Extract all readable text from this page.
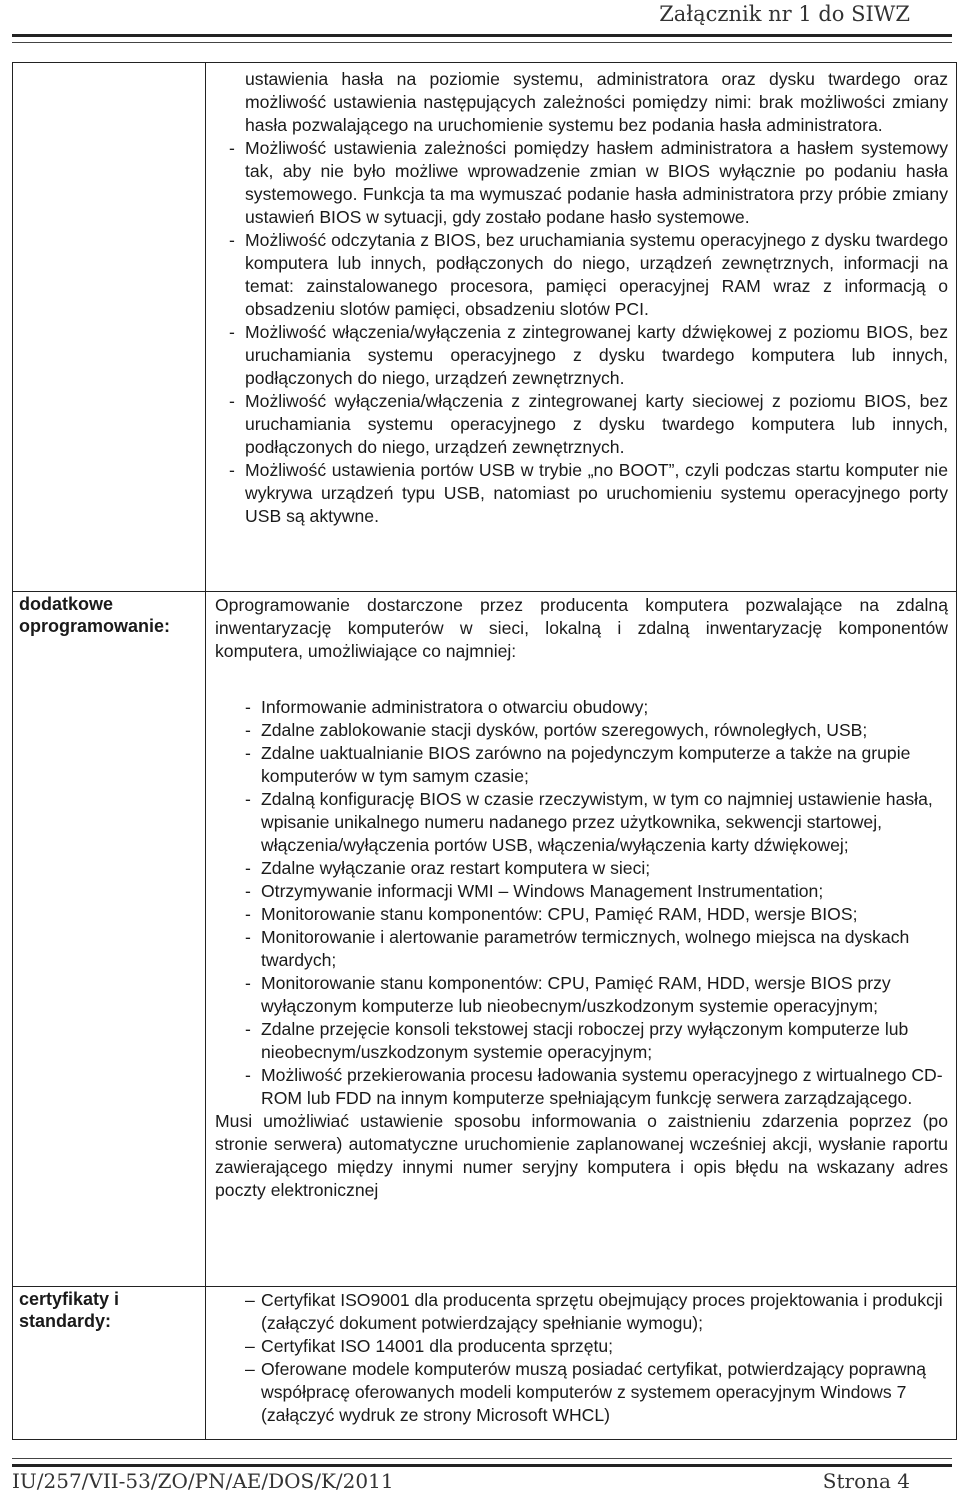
Załącznik nr 1 do SIWZ
ustawienia hasła na poziomie systemu, administratora oraz dysku twardego oraz możliwość ustawienia następujących zależności pomiędzy nimi: brak możliwości zmiany hasła pozwalającego na uruchomienie systemu bez podania hasła administratora.
- Możliwość ustawienia zależności pomiędzy hasłem administratora a hasłem systemowy tak, aby nie było możliwe wprowadzenie zmian w BIOS wyłącznie po podaniu hasła systemowego. Funkcja ta ma wymuszać podanie hasła administratora przy próbie zmiany ustawień BIOS w sytuacji, gdy zostało podane hasło systemowe.
- Możliwość odczytania z BIOS, bez uruchamiania systemu operacyjnego z dysku twardego komputera lub innych, podłączonych do niego, urządzeń zewnętrznych, informacji na temat: zainstalowanego procesora, pamięci operacyjnej RAM wraz z informacją o obsadzeniu slotów pamięci, obsadzeniu slotów PCI.
- Możliwość włączenia/wyłączenia z zintegrowanej karty dźwiękowej z poziomu BIOS, bez uruchamiania systemu operacyjnego z dysku twardego komputera lub innych, podłączonych do niego, urządzeń zewnętrznych.
- Możliwość wyłączenia/włączenia z zintegrowanej karty sieciowej z poziomu BIOS, bez uruchamiania systemu operacyjnego z dysku twardego komputera lub innych, podłączonych do niego, urządzeń zewnętrznych.
- Możliwość ustawienia portów USB w trybie „no BOOT”, czyli podczas startu komputer nie wykrywa urządzeń typu USB, natomiast po uruchomieniu systemu operacyjnego porty USB są aktywne.
dodatkowe oprogramowanie:

Oprogramowanie dostarczone przez producenta komputera pozwalające na zdalną inwentaryzację komputerów w sieci, lokalną i zdalną inwentaryzację komponentów komputera, umożliwiające co najmniej:

- Informowanie administratora o otwarciu obudowy;
- Zdalne zablokowanie stacji dysków, portów szeregowych, równoległych, USB;
- Zdalne uaktualnianie BIOS zarówno na pojedynczym komputerze a także na grupie komputerów w tym samym czasie;
- Zdalną konfigurację BIOS w czasie rzeczywistym, w tym co najmniej ustawienie hasła, wpisanie unikalnego numeru nadanego przez użytkownika, sekwencji startowej, włączenia/wyłączenia portów USB, włączenia/wyłączenia karty dźwiękowej;
- Zdalne wyłączanie oraz restart komputera w sieci;
- Otrzymywanie informacji WMI – Windows Management Instrumentation;
- Monitorowanie stanu komponentów: CPU, Pamięć RAM, HDD, wersje BIOS;
- Monitorowanie i alertowanie parametrów termicznych, wolnego miejsca na dyskach twardych;
- Monitorowanie stanu komponentów: CPU, Pamięć RAM, HDD, wersje BIOS przy wyłączonym komputerze lub nieobecnym/uszkodzonym systemie operacyjnym;
- Zdalne przejęcie konsoli tekstowej stacji roboczej przy wyłączonym komputerze lub nieobecnym/uszkodzonym systemie operacyjnym;
- Możliwość przekierowania procesu ładowania systemu operacyjnego z wirtualnego CD-ROM lub FDD na innym komputerze spełniającym funkcję serwera zarządzającego.

Musi umożliwiać ustawienie sposobu informowania o zaistnieniu zdarzenia poprzez (po stronie serwera) automatyczne uruchomienie zaplanowanej wcześniej akcji, wysłanie raportu zawierającego między innymi numer seryjny komputera i opis błędu na wskazany adres poczty elektronicznej

certyfikaty i standardy:
– Certyfikat ISO9001 dla producenta sprzętu obejmujący proces projektowania i produkcji (załączyć dokument potwierdzający spełnianie wymogu);
– Certyfikat ISO 14001 dla producenta sprzętu;
– Oferowane modele komputerów muszą posiadać certyfikat, potwierdzający poprawną współpracę oferowanych modeli komputerów z systemem operacyjnym Windows 7 (załączyć wydruk ze strony Microsoft WHCL)
IU/257/VII-53/ZO/PN/AE/DOS/K/2011	Strona 4
